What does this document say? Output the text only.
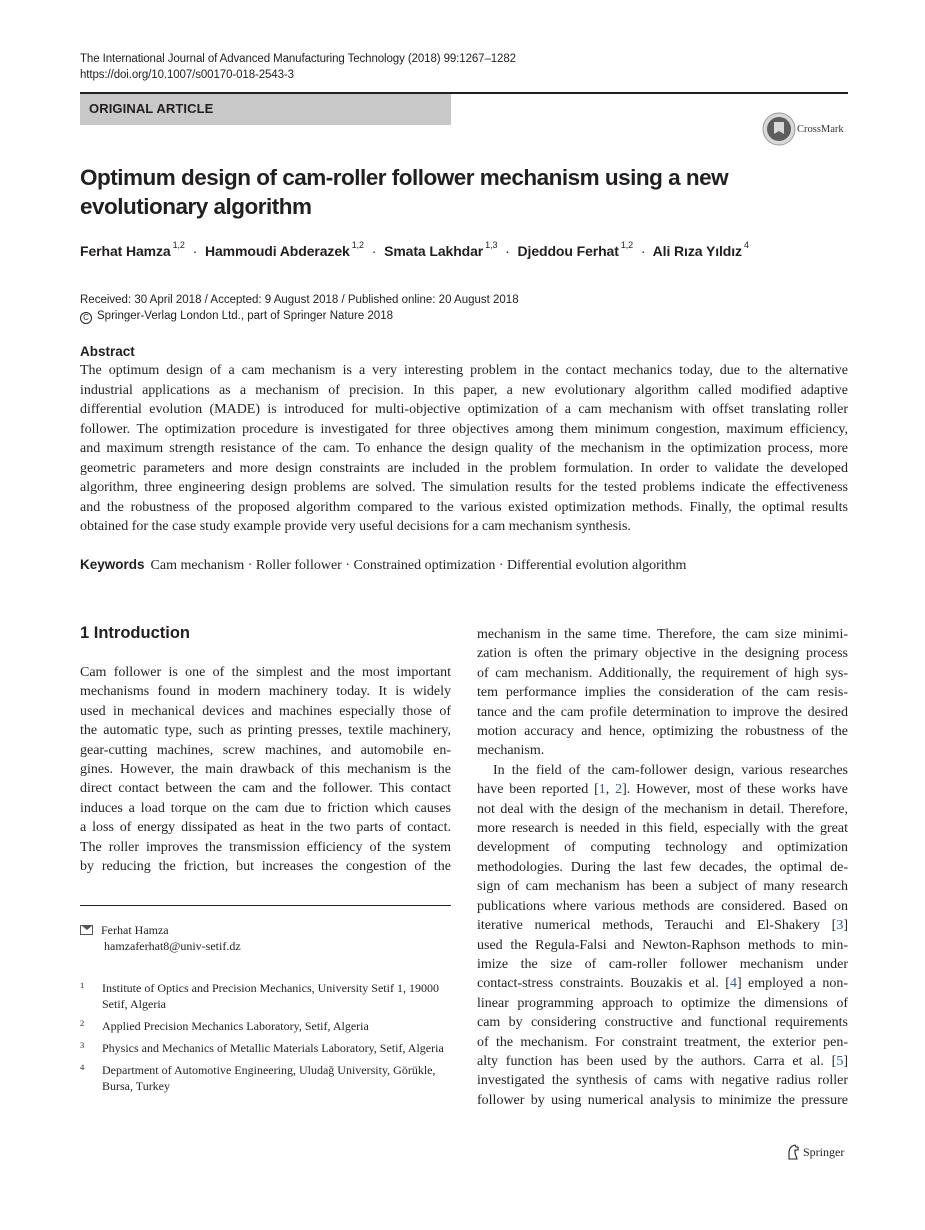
The International Journal of Advanced Manufacturing Technology (2018) 99:1267–1282
https://doi.org/10.1007/s00170-018-2543-3
ORIGINAL ARTICLE
CrossMark
Optimum design of cam-roller follower mechanism using a new
evolutionary algorithm
Ferhat Hamza $^{1,2}$ · Hammoudi Abderazek $^{1,2}$ · Smata Lakhdar $^{1,3}$ · Djeddou Ferhat $^{1,2}$ · Ali Rıza Yıldız $^4$
Received: 30 April 2018 / Accepted: 9 August 2018 / Published online: 20 August 2018
C Springer-Verlag London Ltd., part of Springer Nature 2018
Abstract
The optimum design of a cam mechanism is a very interesting problem in the contact mechanics today, due to the alternative
industrial applications as a mechanism of precision. In this paper, a new evolutionary algorithm called modified adaptive
differential evolution (MADE) is introduced for multi-objective optimization of a cam mechanism with offset translating roller
follower. The optimization procedure is investigated for three objectives among them minimum congestion, maximum efficiency,
and maximum strength resistance of the cam. To enhance the design quality of the mechanism in the optimization process, more
geometric parameters and more design constraints are included in the problem formulation. In order to validate the developed
algorithm, three engineering design problems are solved. The simulation results for the tested problems indicate the effectiveness
and the robustness of the proposed algorithm compared to the various existed optimization methods. Finally, the optimal results
obtained for the case study example provide very useful decisions for a cam mechanism synthesis.
Keywords Cam mechanism · Roller follower · Constrained optimization · Differential evolution algorithm
1 Introduction
Cam follower is one of the simplest and the most important
mechanisms found in modern machinery today. It is widely
used in mechanical devices and machines especially those of
the automatic type, such as printing presses, textile machinery,
gear-cutting machines, screw machines, and automobile en-
gines. However, the main drawback of this mechanism is the
direct contact between the cam and the follower. This contact
induces a load torque on the cam due to friction which causes
a loss of energy dissipated as heat in the two parts of contact.
The roller improves the transmission efficiency of the system
by reducing the friction, but increases the congestion of the
mechanism in the same time. Therefore, the cam size minimi-
zation is often the primary objective in the designing process
of cam mechanism. Additionally, the requirement of high sys-
tem performance implies the consideration of the cam resis-
tance and the cam profile determination to improve the desired
motion accuracy and hence, optimizing the robustness of the
mechanism.
In the field of the cam-follower design, various researches
have been reported [1, 2]. However, most of these works have
not deal with the design of the mechanism in detail. Therefore,
more research is needed in this field, especially with the great
development of computing technology and optimization
methodologies. During the last few decades, the optimal de-
sign of cam mechanism has been a subject of many research
publications where various methods are considered. Based on
iterative numerical methods, Terauchi and El-Shakery [3]
used the Regula-Falsi and Newton-Raphson methods to min-
imize the size of cam-roller follower mechanism under
contact-stress constraints. Bouzakis et al. [4] employed a non-
linear programming approach to optimize the dimensions of
cam by considering constructive and functional requirements
of the mechanism. For constraint treatment, the exterior pen-
alty function has been used by the authors. Carra et al. [5]
investigated the synthesis of cams with negative radius roller
follower by using numerical analysis to minimize the pressure
Ferhat Hamza
hamzaferhat8@univ-setif.dz
1 Institute of Optics and Precision Mechanics, University Setif 1, 19000 Setif, Algeria
2 Applied Precision Mechanics Laboratory, Setif, Algeria
3 Physics and Mechanics of Metallic Materials Laboratory, Setif, Algeria
4 Department of Automotive Engineering, Uludağ University, Görükle, Bursa, Turkey
Springer
